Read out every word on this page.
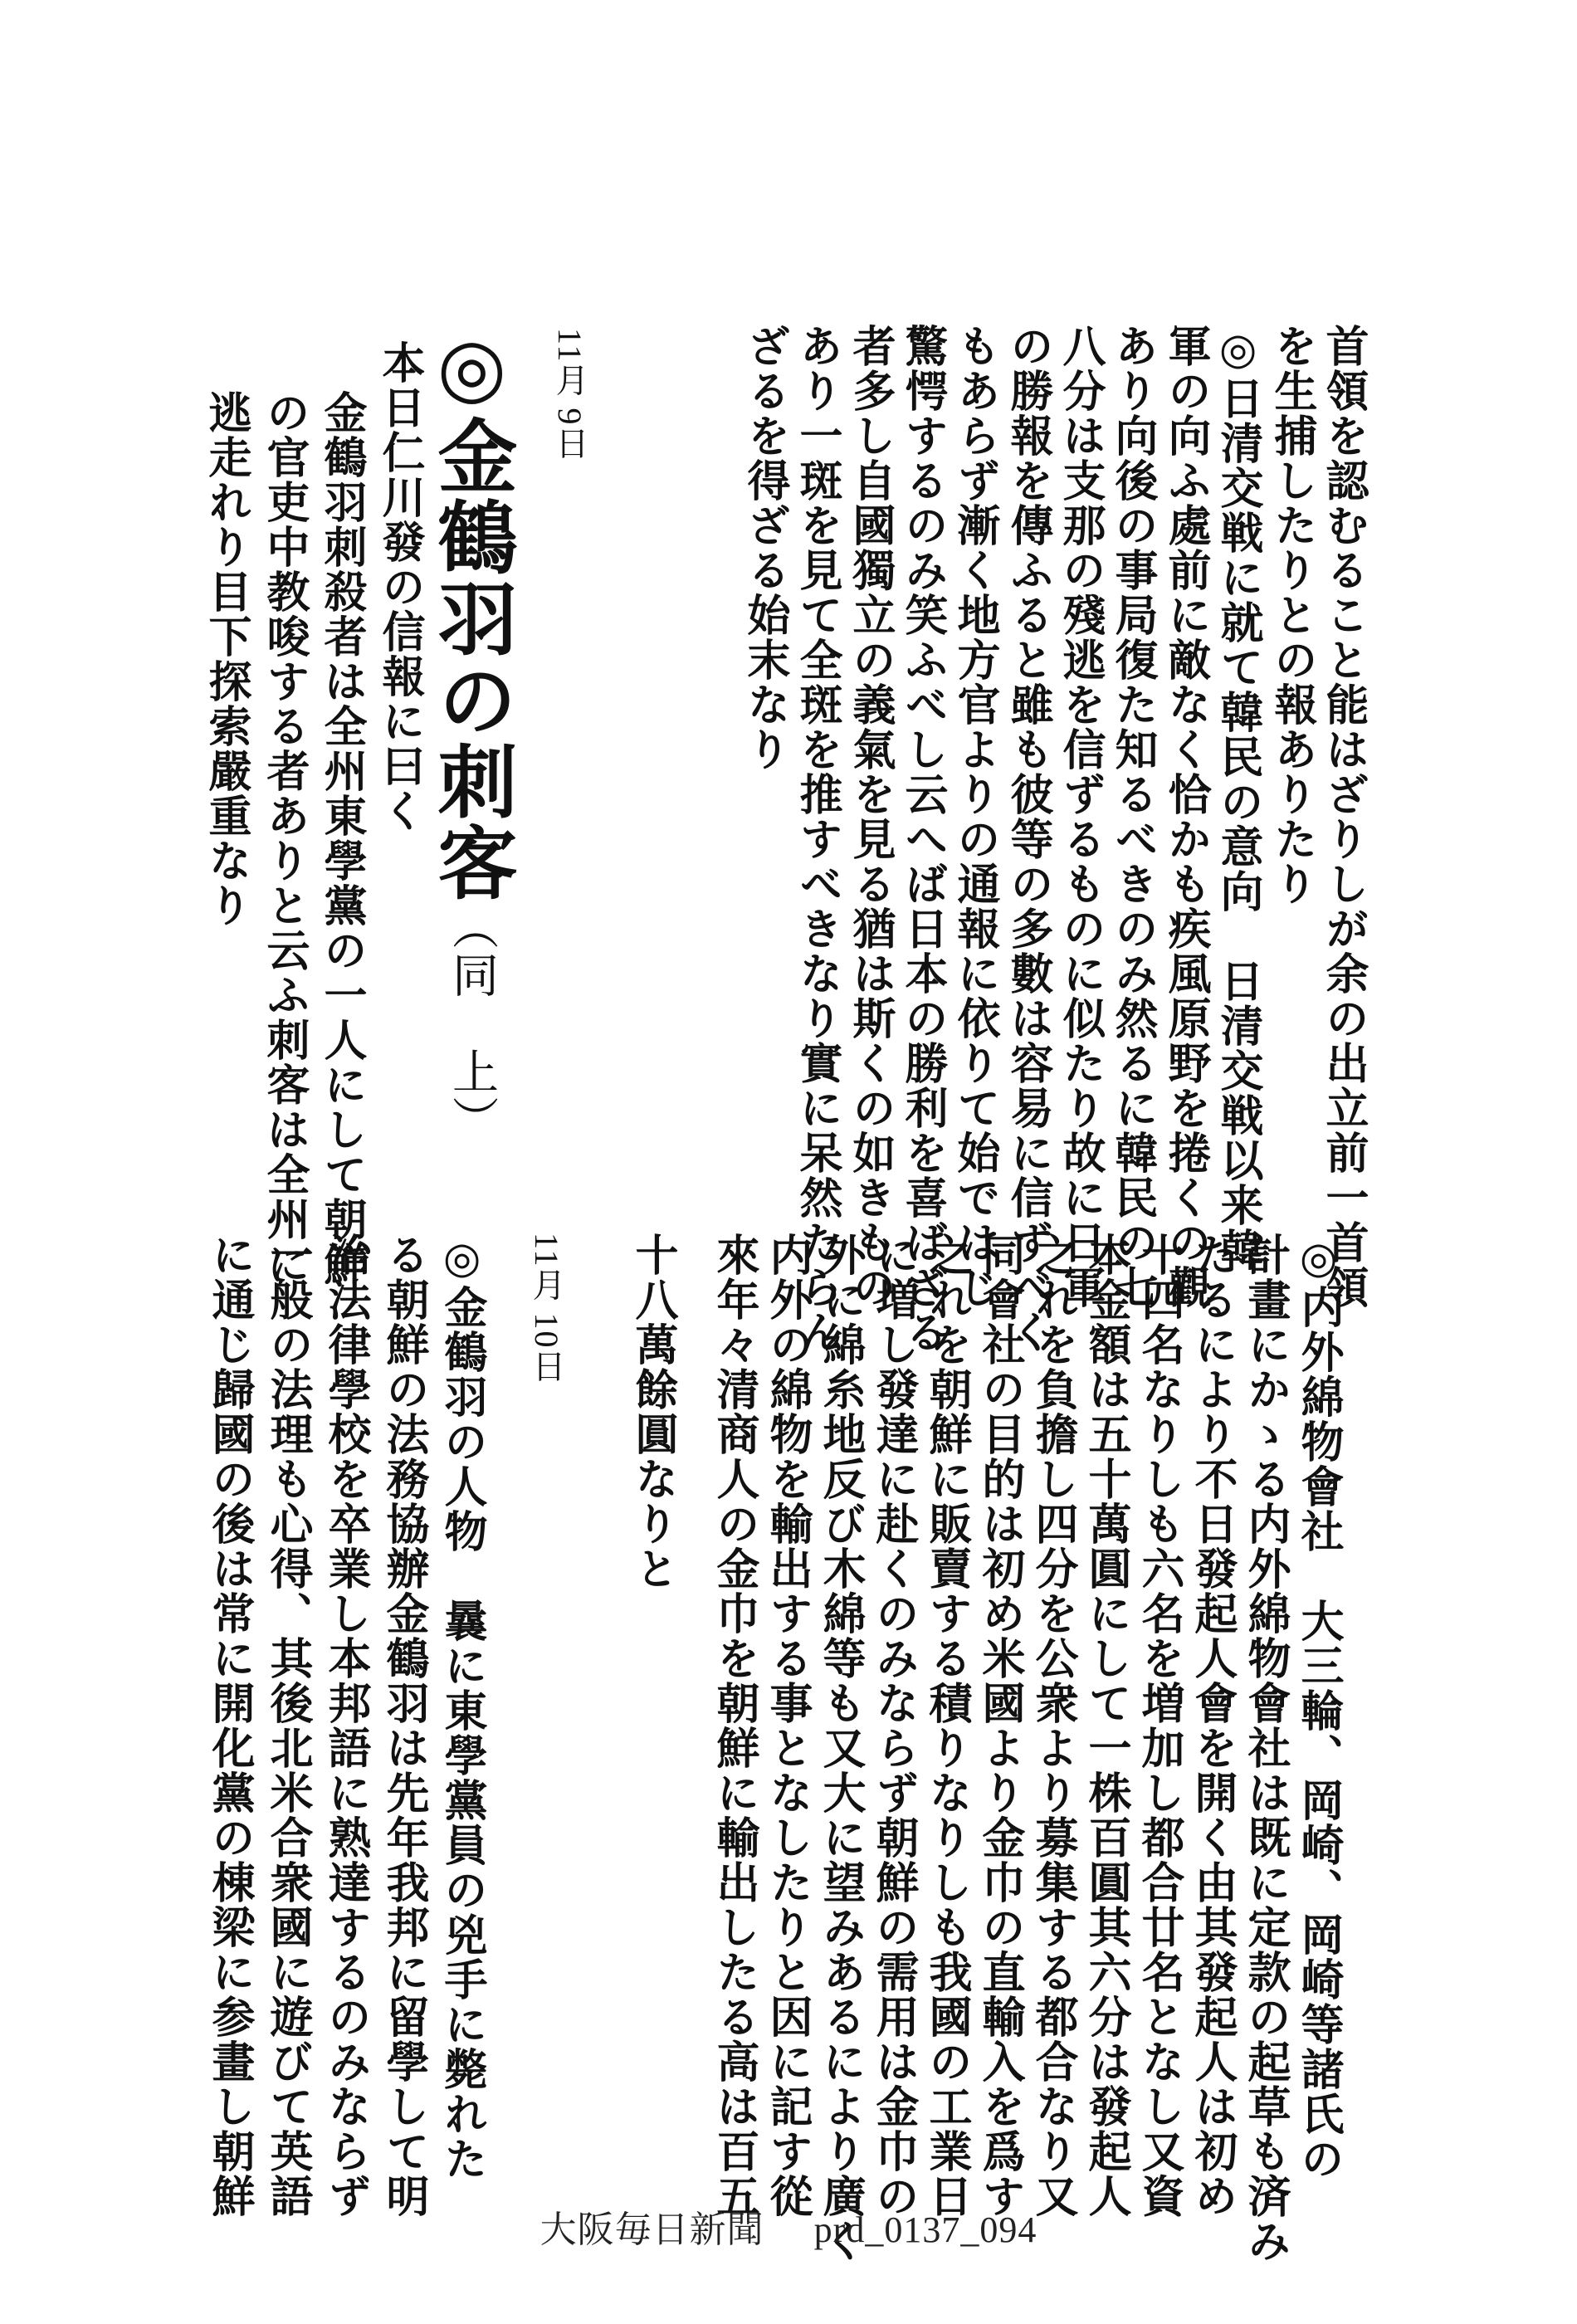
首領を認むること能はざりしが余の出立前一首領
を生捕したりとの報ありたり
◎日清交戦に就て韓民の意向　日清交戦以来韓
軍の向ふ處前に敵なく恰かも疾風原野を捲くの觀
あり向後の事局復た知るべきのみ然るに韓民の七
八分は支那の殘逃を信ずるものに似たり故に日軍
の勝報を傳ふると雖も彼等の多數は容易に信ずべく
もあらず漸く地方官よりの通報に依りて始ではじ
驚愕するのみ笑ふべし云へば日本の勝利を喜ばざる
者多し自國獨立の義氣を見る猶は斯くの如きもの
あり一斑を見て全斑を推すべきなり實に呆然たらん
ざるを得ざる始末なり
11月 9日
◎金鶴羽の刺客（同　上）
本日仁川發の信報に曰く
金鶴羽刺殺者は全州東學黨の一人にして朝鮮
の官吏中教唆する者ありと云ふ刺客は全州に
逃走れり目下探索嚴重なり
◎内外綿物會社　大三輪、岡崎、岡崎等諸氏の
計畫にかゝる内外綿物會社は既に定款の起草も済み
たるにより不日發起人會を開く由其發起人は初め
十四名なりしも六名を増加し都合廿名となし又資
本金額は五十萬圓にして一株百圓其六分は發起人
之れを負擔し四分を公衆より募集する都合なり又
同會社の目的は初め米國より金巾の直輸入を爲す
之れを朝鮮に販賣する積りなりしも我國の工業日
に増し發達に赴くのみならず朝鮮の需用は金巾の
外に綿糸地反び木綿等も又大に望みあるにより廣く
内外の綿物を輸出する事となしたりと因に記す從
來年々清商人の金巾を朝鮮に輸出したる高は百五
十八萬餘圓なりと
11月 10日
◎金鶴羽の人物　曩に東學黨員の兇手に斃れた
る朝鮮の法務協辦金鶴羽は先年我邦に留學して明
治法律學校を卒業し本邦語に熟達するのみならず
一般の法理も心得、其後北米合衆國に遊びて英語
に通じ歸國の後は常に開化黨の棟梁に参畫し朝鮮
大阪毎日新聞 prd_0137_094
